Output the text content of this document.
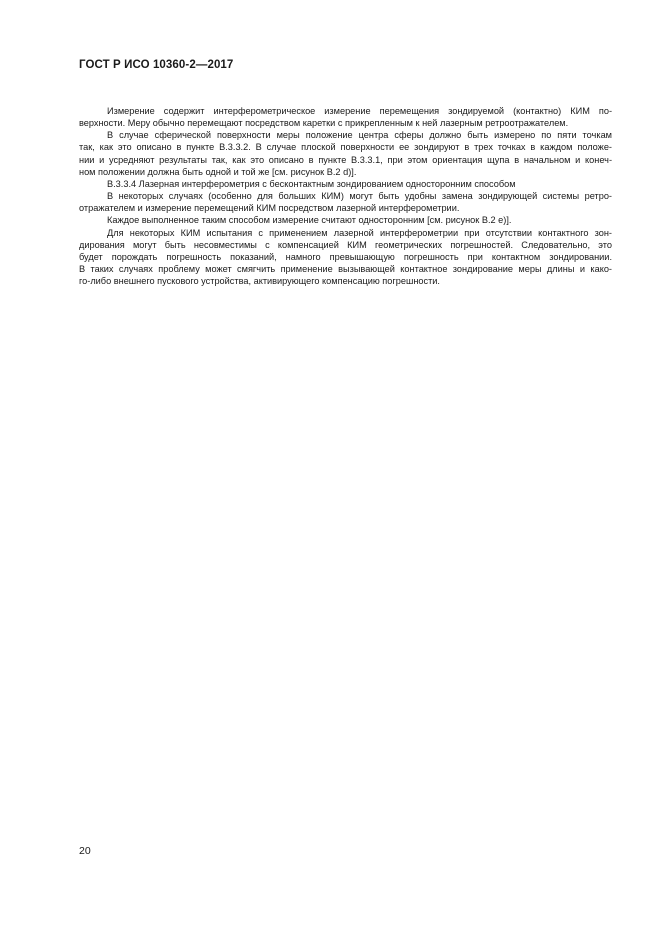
ГОСТ Р ИСО 10360-2—2017
Измерение содержит интерферометрическое измерение перемещения зондируемой (контактно) КИМ по-
верхности. Меру обычно перемещают посредством каретки с прикрепленным к ней лазерным ретроотражателем.
В случае сферической поверхности меры положение центра сферы должно быть измерено по пяти точкам
так, как это описано в пункте B.3.3.2. В случае плоской поверхности ее зондируют в трех точках в каждом положе-
нии и усредняют результаты так, как это описано в пункте B.3.3.1, при этом ориентация щупа в начальном и конеч-
ном положении должна быть одной и той же [см. рисунок B.2 d)].
B.3.3.4 Лазерная интерферометрия с бесконтактным зондированием односторонним способом
В некоторых случаях (особенно для больших КИМ) могут быть удобны замена зондирующей системы ретро-
отражателем и измерение перемещений КИМ посредством лазерной интерферометрии.
Каждое выполненное таким способом измерение считают односторонним [см. рисунок B.2 e)].
Для некоторых КИМ испытания с применением лазерной интерферометрии при отсутствии контактного зон-
дирования могут быть несовместимы с компенсацией КИМ геометрических погрешностей. Следовательно, это
будет порождать погрешность показаний, намного превышающую погрешность при контактном зондировании.
В таких случаях проблему может смягчить применение вызывающей контактное зондирование меры длины и како-
го-либо внешнего пускового устройства, активирующего компенсацию погрешности.
20
